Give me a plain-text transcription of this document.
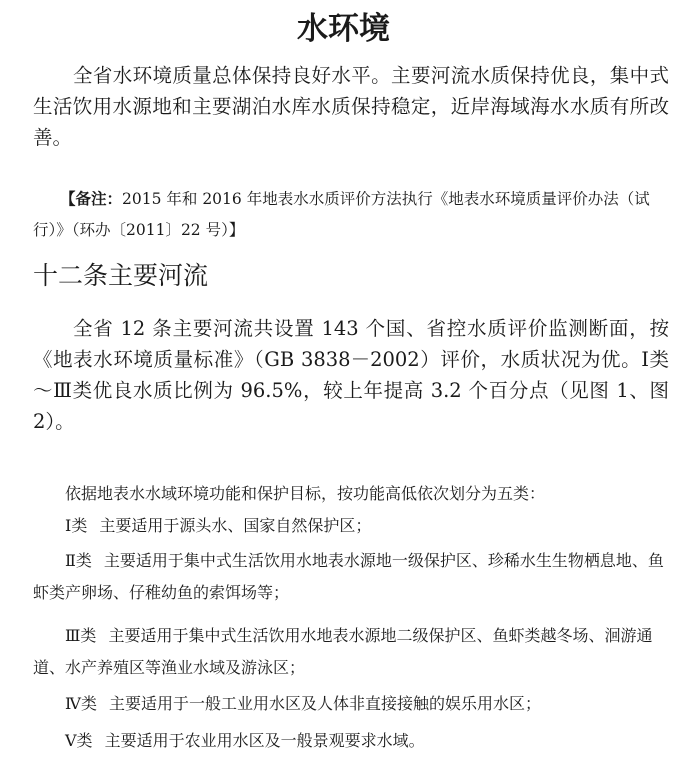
水环境

全省水环境质量总体保持良好水平。主要河流水质保持优良，集中式生活饮用水源地和主要湖泊水库水质保持稳定，近岸海域海水水质有所改善。

【备注：2015 年和 2016 年地表水水质评价方法执行《地表水环境质量评价办法（试行）》（环办〔2011〕22 号）】

十二条主要河流

全省 12 条主要河流共设置 143 个国、省控水质评价监测断面，按《地表水环境质量标准》（GB 3838－2002）评价，水质状况为优。Ⅰ类～Ⅲ类优良水质比例为 96.5%，较上年提高 3.2 个百分点（见图 1、图 2）。

依据地表水水域环境功能和保护目标，按功能高低依次划分为五类：

Ⅰ类 主要适用于源头水、国家自然保护区；

Ⅱ类 主要适用于集中式生活饮用水地表水源地一级保护区、珍稀水生生物栖息地、鱼虾类产卵场、仔稚幼鱼的索饵场等；

Ⅲ类 主要适用于集中式生活饮用水地表水源地二级保护区、鱼虾类越冬场、洄游通道、水产养殖区等渔业水域及游泳区；

Ⅳ类 主要适用于一般工业用水区及人体非直接接触的娱乐用水区；

Ⅴ类 主要适用于农业用水区及一般景观要求水域。
